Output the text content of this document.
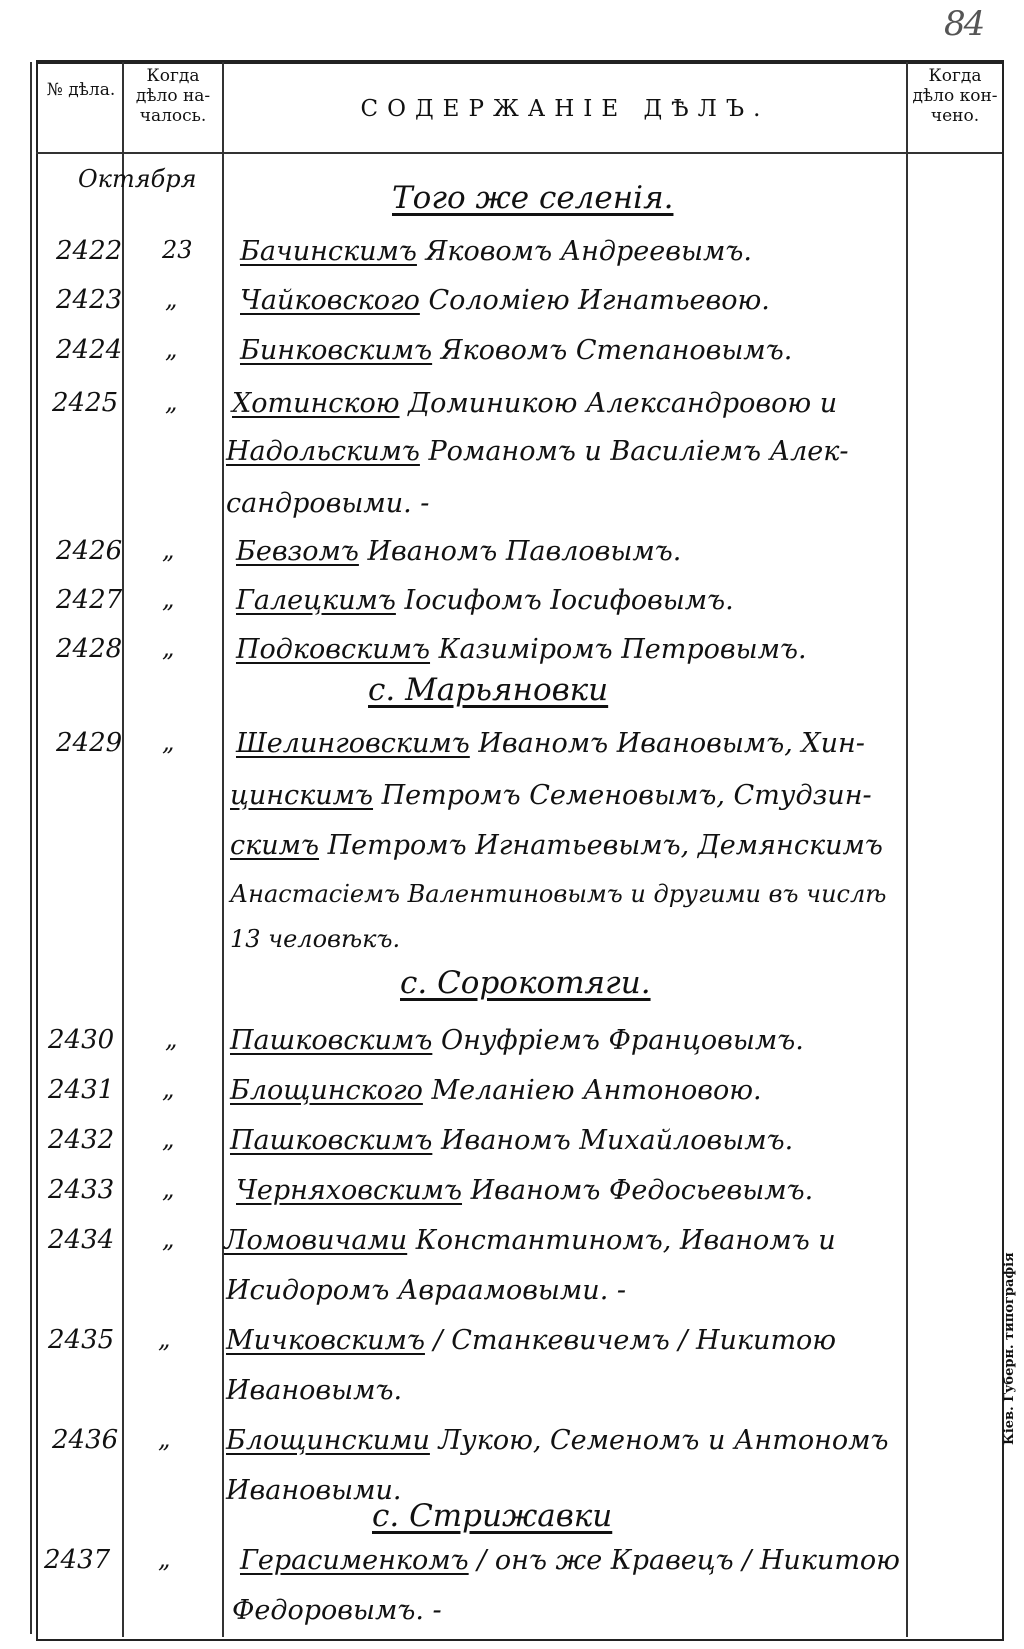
84
№ дѣла.
Когда дѣло на-чалось.	СОДЕРЖАНIЕ ДѢЛЪ.
Когда дѣло кон-чено.
Кiев. Губерн. типографiя
Октября
Того же селенiя.
с. Марьяновки
с. Сорокотяги.
с. Стрижавки
2422 23 Бачинскимъ Яковомъ Андреевымъ.
2423 „ Чайковского Соломiею Игнатьевою.
2424 „ Бинковскимъ Яковомъ Степановымъ.
2425 „ Хотинскою Доминикою Александровою и
Надольскимъ Романомъ и Василiемъ Алек-
сандровыми. -
2426 „ Бевзомъ Иваномъ Павловымъ.
2427 „ Галецкимъ Iосифомъ Iосифовымъ.
2428 „ Подковскимъ Казимiромъ Петровымъ.
2429 „ Шелинговскимъ Иваномъ Ивановымъ, Хин-
цинскимъ Петромъ Семеновымъ, Студзин-
скимъ Петромъ Игнатьевымъ, Демянскимъ
Анастасiемъ Валентиновымъ и другими въ числѣ
13 человѣкъ.
2430 „ Пашковскимъ Онуфрiемъ Францовымъ.
2431 „ Блощинского Меланiею Антоновою.
2432 „ Пашковскимъ Иваномъ Михайловымъ.
2433 „ Черняховскимъ Иваномъ Федосьевымъ.
2434 „ Ломовичами Константиномъ, Иваномъ и
Исидоромъ Авраамовыми. -
2435 „ Мичковскимъ / Станкевичемъ / Никитою
Ивановымъ.
2436 „ Блощинскими Лукою, Семеномъ и Антономъ
Ивановыми.
2437 „	Герасименкомъ / онъ же Кравецъ / Никитою
Федоровымъ. -
